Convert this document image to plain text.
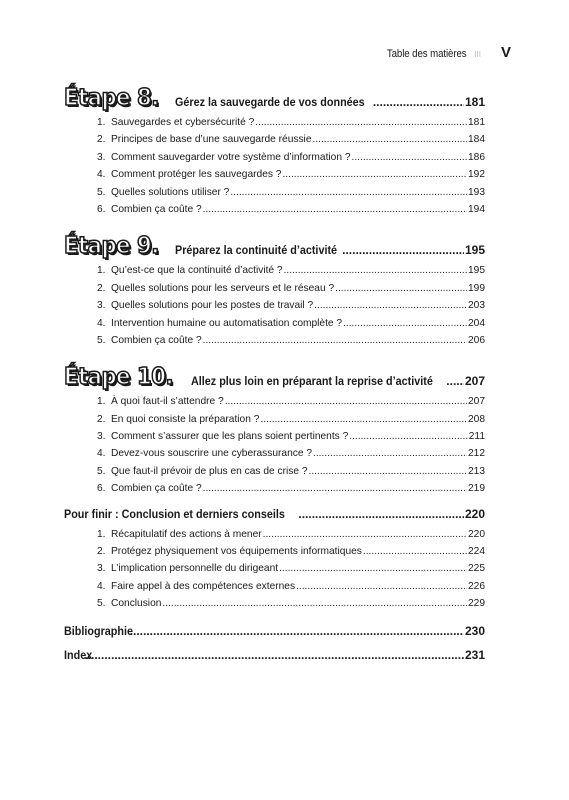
Table des matières III V
Étape 8. Gérez la sauvegarde de vos données .....	181
1. Sauvegardes et cybersécurité ? .....	181
2. Principes de base d’une sauvegarde réussie .....	184
3. Comment sauvegarder votre système d’information ? .....	186
4. Comment protéger les sauvegardes ? .....	192
5. Quelles solutions utiliser ? .....	193
6. Combien ça coûte ? .....	194
Étape 9. Préparez la continuité d’activité .....	195
1. Qu’est-ce que la continuité d’activité ? .....	195
2. Quelles solutions pour les serveurs et le réseau ? .....	199
3. Quelles solutions pour les postes de travail ? .....	203
4. Intervention humaine ou automatisation complète ? .....	204
5. Combien ça coûte ? .....	206
Étape 10. Allez plus loin en préparant la reprise d’activité .....	207
1. À quoi faut-il s’attendre ? .....	207
2. En quoi consiste la préparation ? .....	208
3. Comment s’assurer que les plans soient pertinents ? .....	211
4. Devez-vous souscrire une cyberassurance ? .....	212
5. Que faut-il prévoir de plus en cas de crise ? .....	213
6. Combien ça coûte ? .....	219
Pour finir : Conclusion et derniers conseils .....	220
1. Récapitulatif des actions à mener .....	220
2. Protégez physiquement vos équipements informatiques .....	224
3. L’implication personnelle du dirigeant .....	225
4. Faire appel à des compétences externes .....	226
5. Conclusion .....	229
Bibliographie .....	230
Index .....	231
